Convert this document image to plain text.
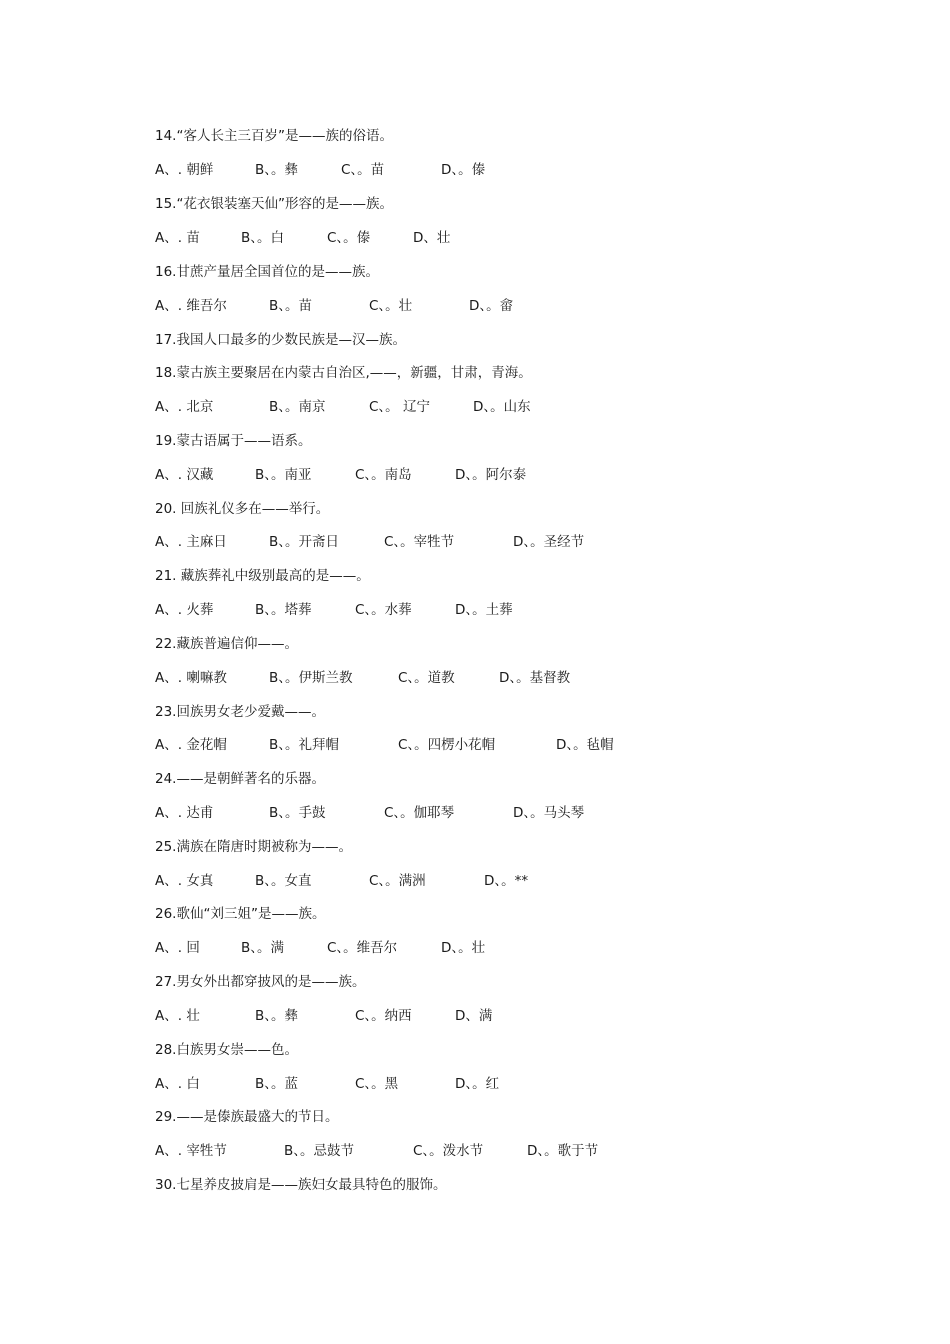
14.“客人长主三百岁”是——族的俗语。
A、. 朝鲜	B、。彝	C、。苗	D、。傣
15.“花衣银装塞天仙”形容的是——族。
A、. 苗	B、。白	C、。傣	D、壮
16.甘蔗产量居全国首位的是——族。
A、. 维吾尔	B、。苗	C、。壮	D、。畲
17.我国人口最多的少数民族是—汉—族。
18.蒙古族主要聚居在内蒙古自治区,——，新疆，甘肃，青海。
A、. 北京	B、。南京	C、。 辽宁	D、。山东
19.蒙古语属于——语系。
A、. 汉藏	B、。南亚	C、。南岛	D、。阿尔泰
20. 回族礼仪多在——举行。
A、. 主麻日	B、。开斋日	C、。宰牲节	D、。圣经节
21. 藏族葬礼中级别最高的是——。
A、. 火葬	B、。塔葬	C、。水葬	D、。土葬
22.藏族普遍信仰——。
A、. 喇嘛教	B、。伊斯兰教	C、。道教	D、。基督教
23.回族男女老少爱戴——。
A、. 金花帽	B、。礼拜帽	C、。四楞小花帽	D、。毡帽
24.——是朝鲜著名的乐器。
A、. 达甫	B、。手鼓	C、。伽耶琴	D、。马头琴
25.满族在隋唐时期被称为——。
A、. 女真	B、。女直	C、。满洲	D、。**
26.歌仙“刘三姐”是——族。
A、. 回	B、。满	C、。维吾尔	D、。壮
27.男女外出都穿披风的是——族。
A、. 壮	B、。彝	C、。纳西	D、满
28.白族男女崇——色。
A、. 白	B、。蓝	C、。黑	D、。红
29.——是傣族最盛大的节日。
A、. 宰牲节	B、。忌鼓节	C、。泼水节	D、。歌于节
30.七星养皮披肩是——族妇女最具特色的服饰。
